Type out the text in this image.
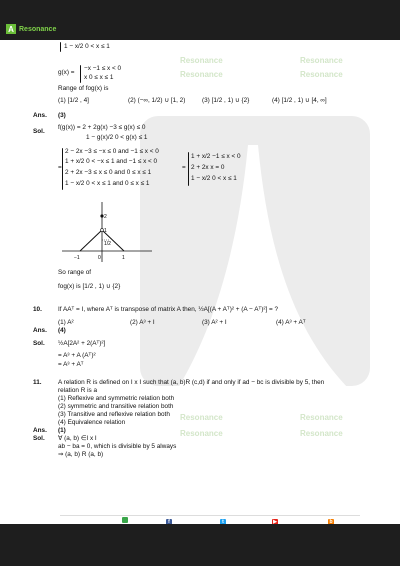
A Resonance
Resonance	Resonance
Resonance	Resonance
Resonance	Resonance
Resonance	Resonance
1 − x/2 0 < x ≤ 1
g(x) =
−x −1 ≤ x < 0
x 0 ≤ x ≤ 1
Range of fog(x) is
(1) [1/2 , 4]	(2) (−∞, 1/2) ∪ [1, 2)	(3) [1/2 , 1) ∪ {2}	(4) [1/2 , 1) ∪ [4, ∞]
Ans. (3)
Sol.
f(g(x)) = 2 + 2g(x) −3 ≤ g(x) ≤ 0
1 − g(x)/2 0 < g(x) ≤ 1
2 − 2x −3 ≤ −x ≤ 0 and −1 ≤ x < 0
1 + x/2 0 < −x ≤ 1 and −1 ≤ x < 0
2 + 2x −3 ≤ x ≤ 0 and 0 ≤ x ≤ 1
1 − x/2 0 < x ≤ 1 and 0 ≤ x ≤ 1
=	=
1 + x/2 −1 ≤ x < 0
2 + 2x x = 0
1 − x/2 0 < x ≤ 1
2
1
1/2
−1	0	1
So range of
fog(x) is [1/2 , 1) ∪ {2}
10.	If AAᵀ = I, where Aᵀ is transpose of matrix A then, ½A[(A + Aᵀ)² + (A − Aᵀ)²] = ?
(1) A²	(2) A³ + I	(3) A² + I	(4) A³ + Aᵀ
Ans. (4)
Sol. ½A[2A² + 2(Aᵀ)²]
= A³ + A (Aᵀ)²
= A³ + Aᵀ
11.	A relation R is defined on I x I such that (a, b)R (c,d) if and only if ad − bc is divisible by 5, then
relation R is a
(1) Reflexive and symmetric relation both
(2) symmetric and transitive relation both
(3) Transitive and reflexive relation both
(4) Equivalence relation
Ans. (1)
Sol. ∀ (a, b) ∈I x I
ab − ba = 0, which is divisible by 5 always
⇒ (a, b) R (a, b)
f	t	▶	b
